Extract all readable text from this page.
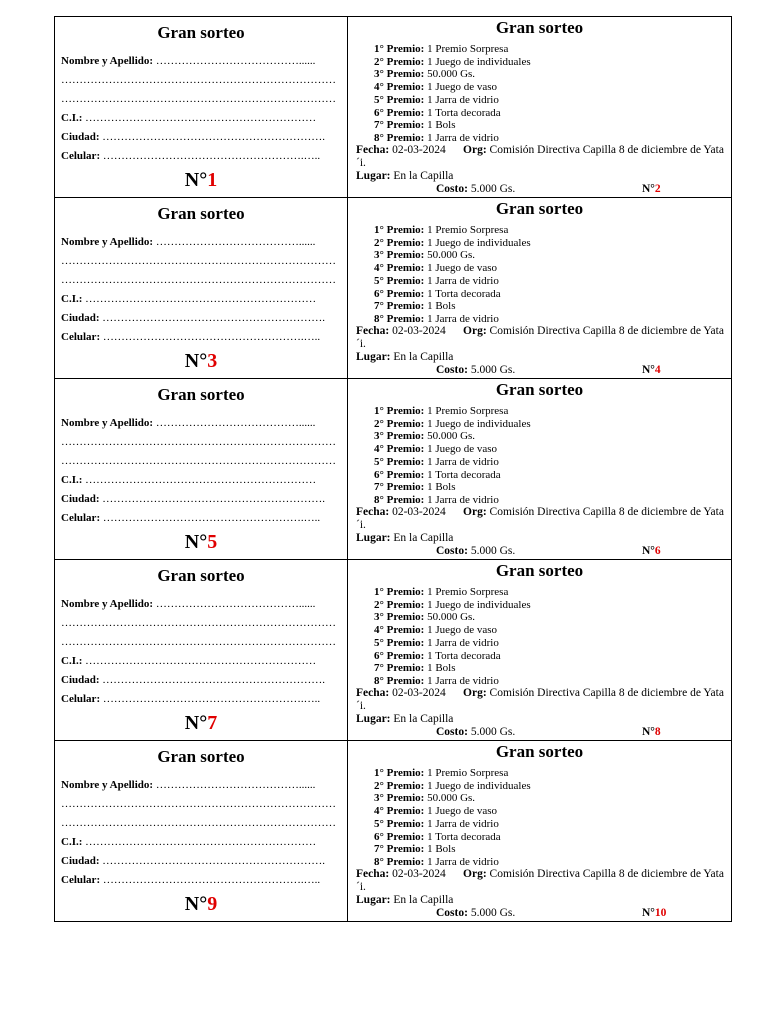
Gran sorteo
Nombre y Apellido: …………………………………......
…………………………………………………………………
…………………………………………………………………
C.I.: ………………………………………………………
Ciudad: …………………………………………………….
Celular: ……………………………………………….…..
N°1
Gran sorteo
1° Premio: 1 Premio Sorpresa
2° Premio: 1 Juego de individuales
3° Premio: 50.000 Gs.
4° Premio: 1 Juego de vaso
5° Premio: 1 Jarra de vidrio
6° Premio: 1 Torta decorada
7° Premio: 1 Bols
8° Premio: 1 Jarra de vidrio
Fecha: 02-03-2024 Org: Comisión Directiva Capilla 8 de diciembre de Yata´i.
Lugar: En la Capilla
Costo: 5.000 Gs.	N°2
Gran sorteo
Nombre y Apellido: …………………………………......
…………………………………………………………………
…………………………………………………………………
C.I.: ………………………………………………………
Ciudad: …………………………………………………….
Celular: ……………………………………………….…..
N°3
Gran sorteo
1° Premio: 1 Premio Sorpresa
2° Premio: 1 Juego de individuales
3° Premio: 50.000 Gs.
4° Premio: 1 Juego de vaso
5° Premio: 1 Jarra de vidrio
6° Premio: 1 Torta decorada
7° Premio: 1 Bols
8° Premio: 1 Jarra de vidrio
Fecha: 02-03-2024 Org: Comisión Directiva Capilla 8 de diciembre de Yata´i.
Lugar: En la Capilla
Costo: 5.000 Gs.	N°4
Gran sorteo
Nombre y Apellido: …………………………………......
…………………………………………………………………
…………………………………………………………………
C.I.: ………………………………………………………
Ciudad: …………………………………………………….
Celular: ……………………………………………….…..
N°5
Gran sorteo
1° Premio: 1 Premio Sorpresa
2° Premio: 1 Juego de individuales
3° Premio: 50.000 Gs.
4° Premio: 1 Juego de vaso
5° Premio: 1 Jarra de vidrio
6° Premio: 1 Torta decorada
7° Premio: 1 Bols
8° Premio: 1 Jarra de vidrio
Fecha: 02-03-2024 Org: Comisión Directiva Capilla 8 de diciembre de Yata´i.
Lugar: En la Capilla
Costo: 5.000 Gs.	N°6
Gran sorteo
Nombre y Apellido: …………………………………......
…………………………………………………………………
…………………………………………………………………
C.I.: ………………………………………………………
Ciudad: …………………………………………………….
Celular: ……………………………………………….…..
N°7
Gran sorteo
1° Premio: 1 Premio Sorpresa
2° Premio: 1 Juego de individuales
3° Premio: 50.000 Gs.
4° Premio: 1 Juego de vaso
5° Premio: 1 Jarra de vidrio
6° Premio: 1 Torta decorada
7° Premio: 1 Bols
8° Premio: 1 Jarra de vidrio
Fecha: 02-03-2024 Org: Comisión Directiva Capilla 8 de diciembre de Yata´i.
Lugar: En la Capilla
Costo: 5.000 Gs.	N°8
Gran sorteo
Nombre y Apellido: …………………………………......
…………………………………………………………………
…………………………………………………………………
C.I.: ………………………………………………………
Ciudad: …………………………………………………….
Celular: ……………………………………………….…..
N°9
Gran sorteo
1° Premio: 1 Premio Sorpresa
2° Premio: 1 Juego de individuales
3° Premio: 50.000 Gs.
4° Premio: 1 Juego de vaso
5° Premio: 1 Jarra de vidrio
6° Premio: 1 Torta decorada
7° Premio: 1 Bols
8° Premio: 1 Jarra de vidrio
Fecha: 02-03-2024 Org: Comisión Directiva Capilla 8 de diciembre de Yata´i.
Lugar: En la Capilla
Costo: 5.000 Gs.	N°10
